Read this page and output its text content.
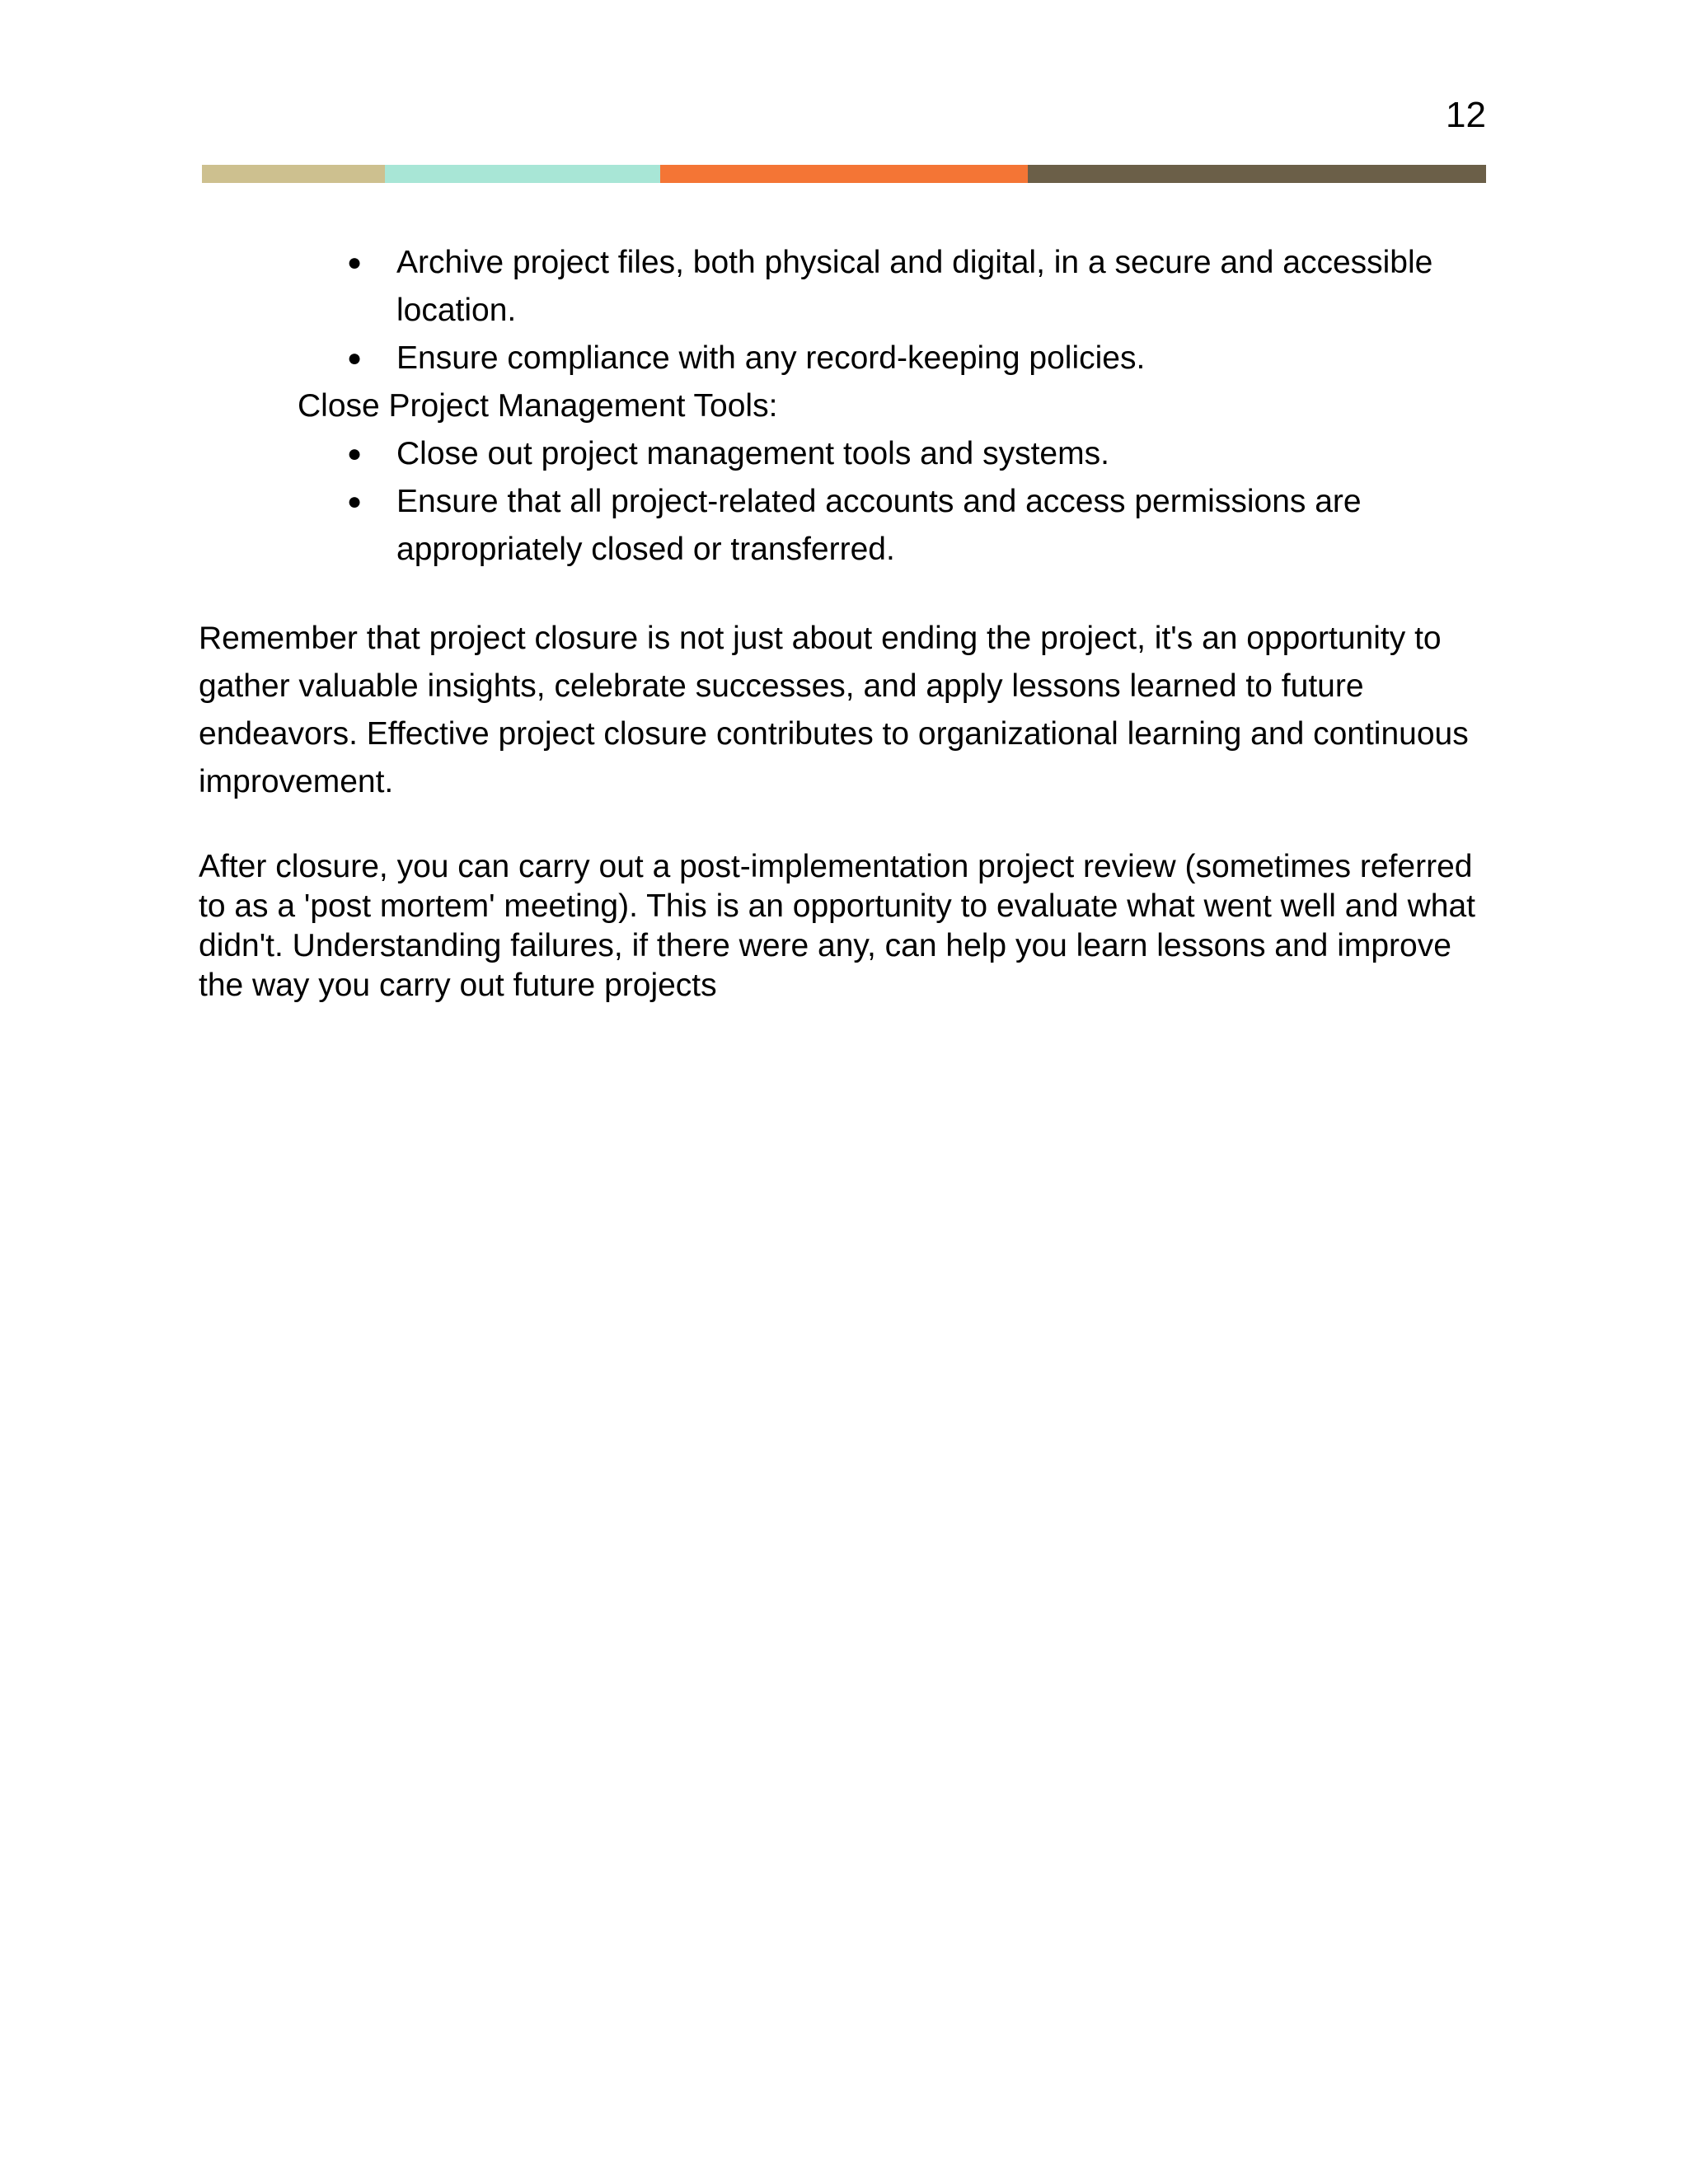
12
● Archive project files, both physical and digital, in a secure and accessible location.
● Ensure compliance with any record-keeping policies.
Close Project Management Tools:
● Close out project management tools and systems.
● Ensure that all project-related accounts and access permissions are appropriately closed or transferred.

Remember that project closure is not just about ending the project, it's an opportunity to gather valuable insights, celebrate successes, and apply lessons learned to future endeavors. Effective project closure contributes to organizational learning and continuous improvement.

After closure, you can carry out a post-implementation project review (sometimes referred to as a 'post mortem' meeting). This is an opportunity to evaluate what went well and what didn't. Understanding failures, if there were any, can help you learn lessons and improve the way you carry out future projects
